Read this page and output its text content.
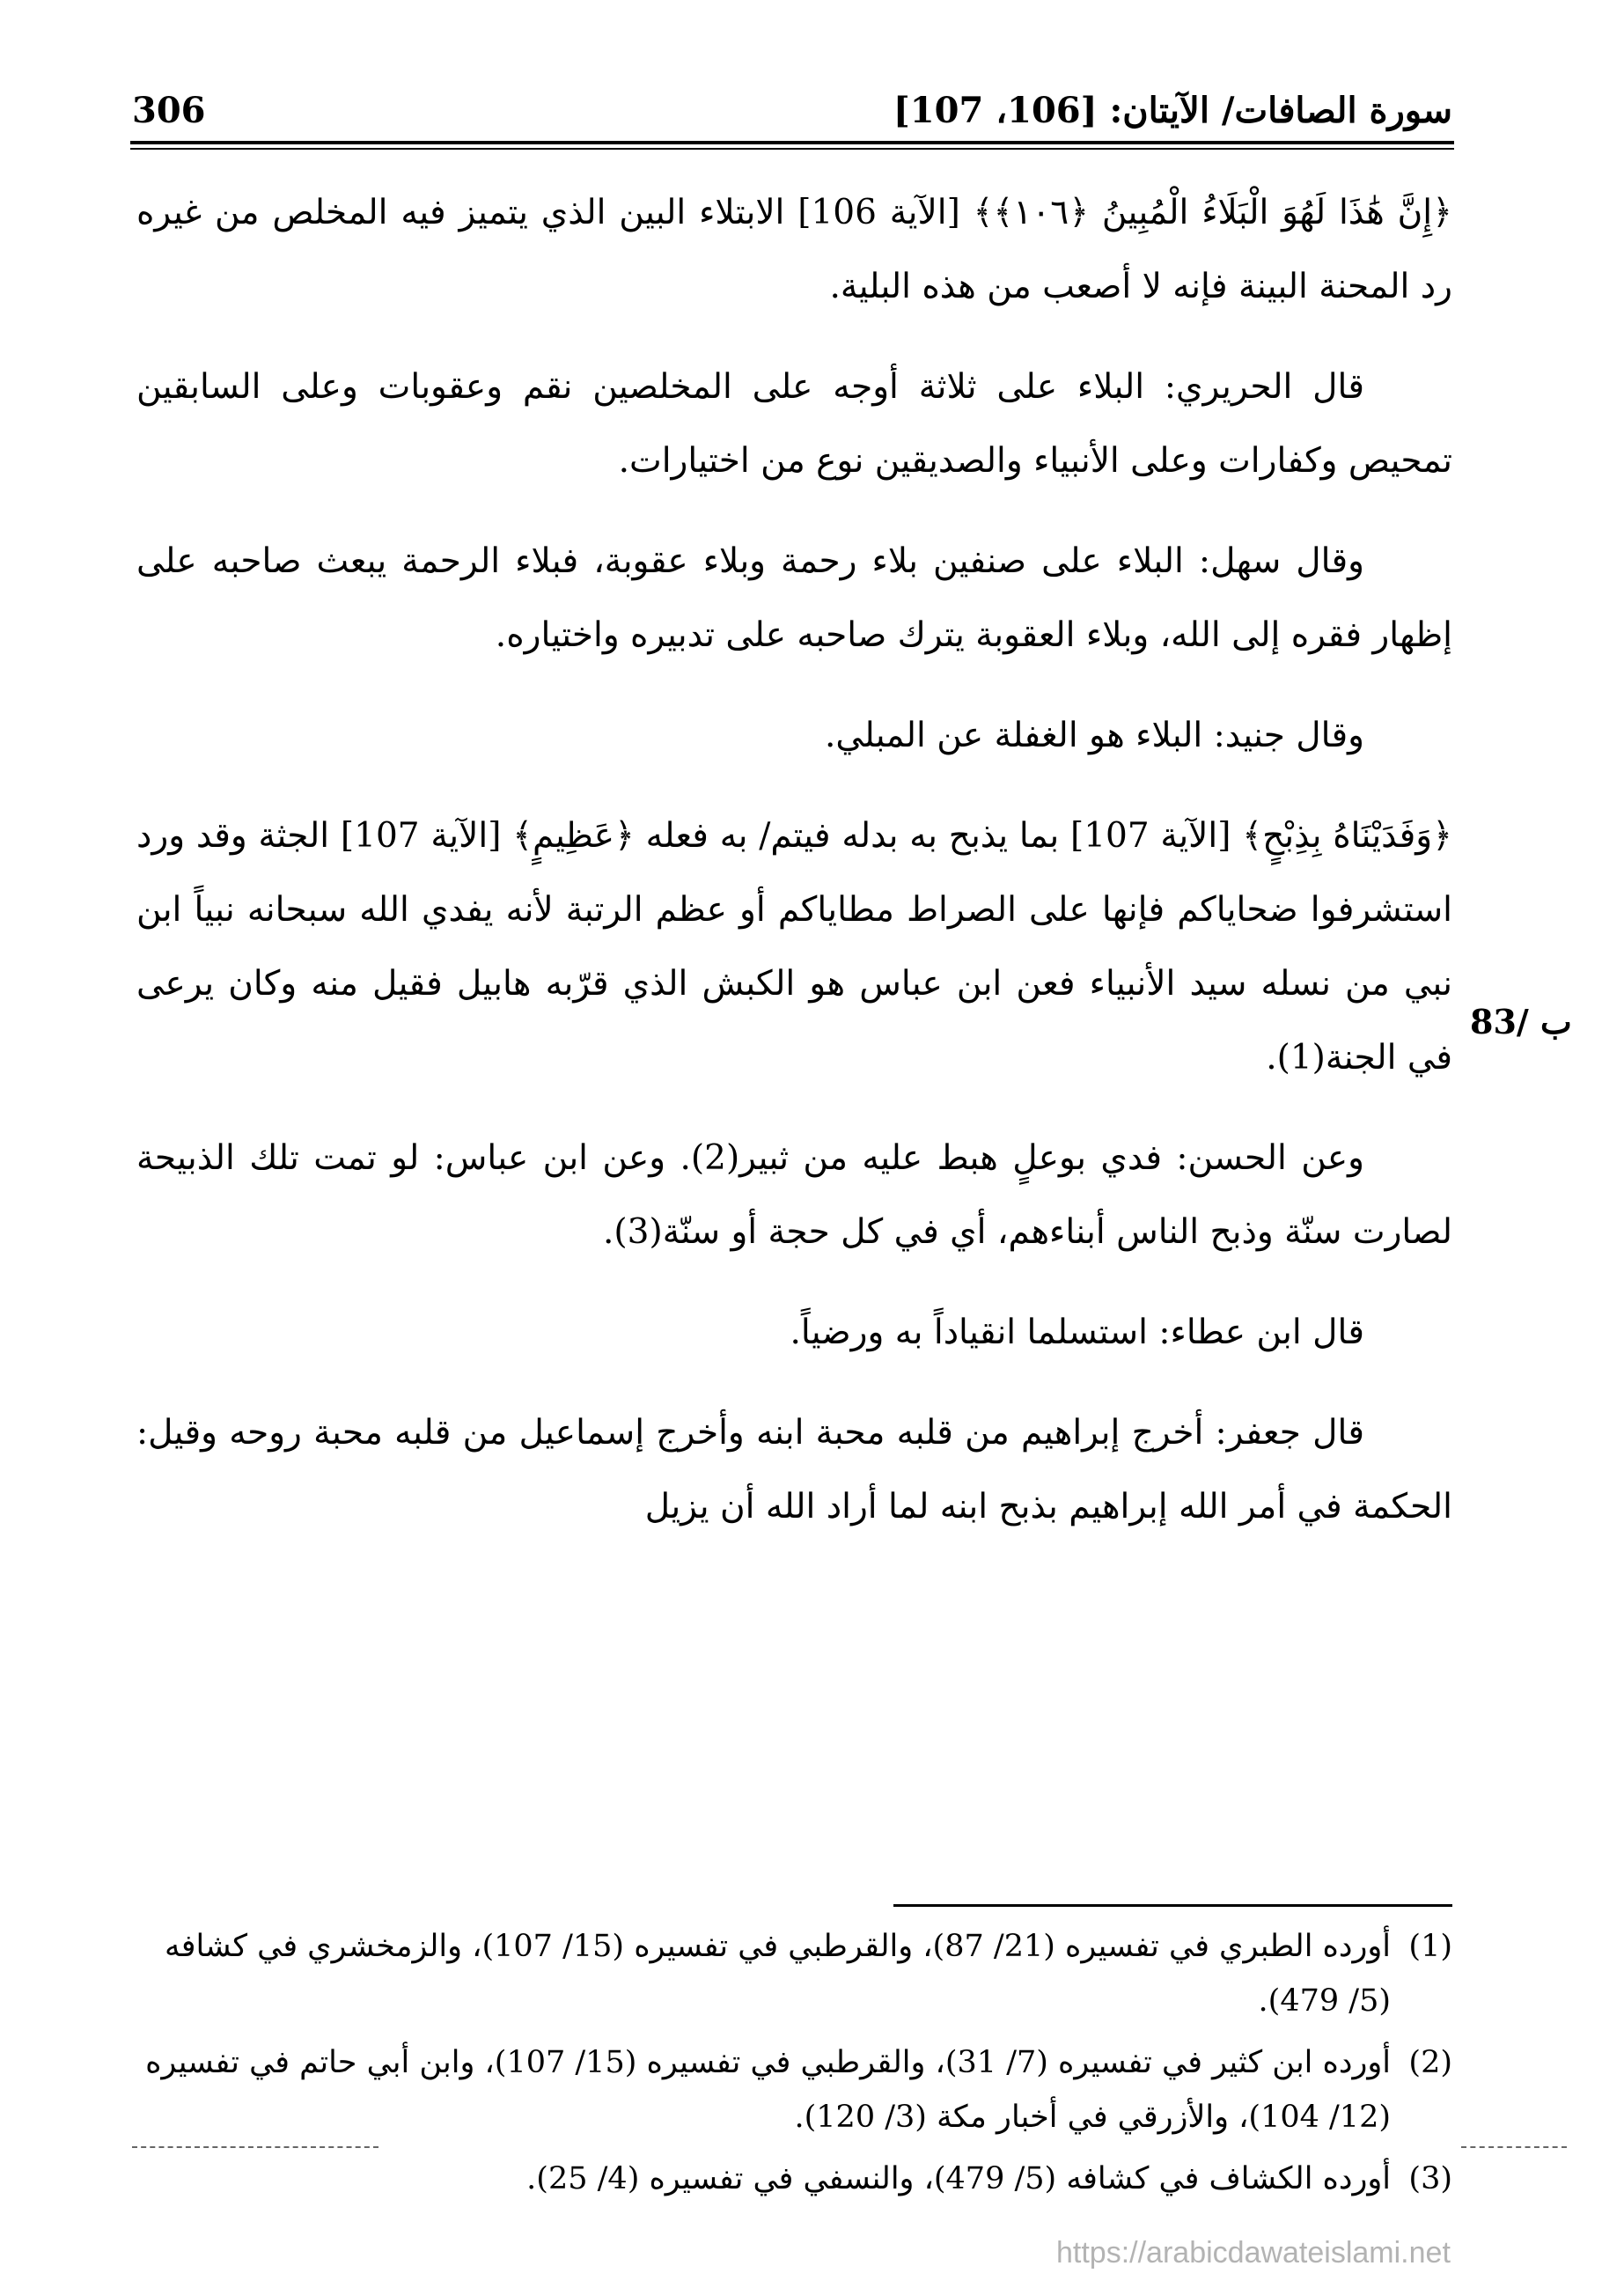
306	سورة الصافات/ الآيتان: [106، 107]
83/ ب

﴿إِنَّ هَٰذَا لَهُوَ الْبَلَاءُ الْمُبِينُ ﴿١٠٦﴾﴾ [الآية 106] الابتلاء البين الذي يتميز فيه المخلص من غيره رد المحنة البينة فإنه لا أصعب من هذه البلية.

قال الحريري: البلاء على ثلاثة أوجه على المخلصين نقم وعقوبات وعلى السابقين تمحيص وكفارات وعلى الأنبياء والصديقين نوع من اختيارات.

وقال سهل: البلاء على صنفين بلاء رحمة وبلاء عقوبة، فبلاء الرحمة يبعث صاحبه على إظهار فقره إلى الله، وبلاء العقوبة يترك صاحبه على تدبيره واختياره.

وقال جنيد: البلاء هو الغفلة عن المبلي.

﴿وَفَدَيْنَاهُ بِذِبْحٍ﴾ [الآية 107] بما يذبح به بدله فيتم/ به فعله ﴿عَظِيمٍ﴾ [الآية 107] الجثة وقد ورد استشرفوا ضحاياكم فإنها على الصراط مطاياكم أو عظم الرتبة لأنه يفدي الله سبحانه نبياً ابن نبي من نسله سيد الأنبياء فعن ابن عباس هو الكبش الذي قرّبه هابيل فقيل منه وكان يرعى في الجنة(1).

وعن الحسن: فدي بوعلٍ هبط عليه من ثبير(2). وعن ابن عباس: لو تمت تلك الذبيحة لصارت سنّة وذبح الناس أبناءهم، أي في كل حجة أو سنّة(3).

قال ابن عطاء: استسلما انقياداً به ورضياً.

قال جعفر: أخرج إبراهيم من قلبه محبة ابنه وأخرج إسماعيل من قلبه محبة روحه وقيل: الحكمة في أمر الله إبراهيم بذبح ابنه لما أراد الله أن يزيل

(1)
أورده الطبري في تفسيره (21/ 87)، والقرطبي في تفسيره (15/ 107)، والزمخشري في كشافه (5/ 479).
(2)
أورده ابن كثير في تفسيره (7/ 31)، والقرطبي في تفسيره (15/ 107)، وابن أبي حاتم في تفسيره (12/ 104)، والأزرقي في أخبار مكة (3/ 120).
(3)
أورده الكشاف في كشافه (5/ 479)، والنسفي في تفسيره (4/ 25).
https://arabicdawateislami.net
